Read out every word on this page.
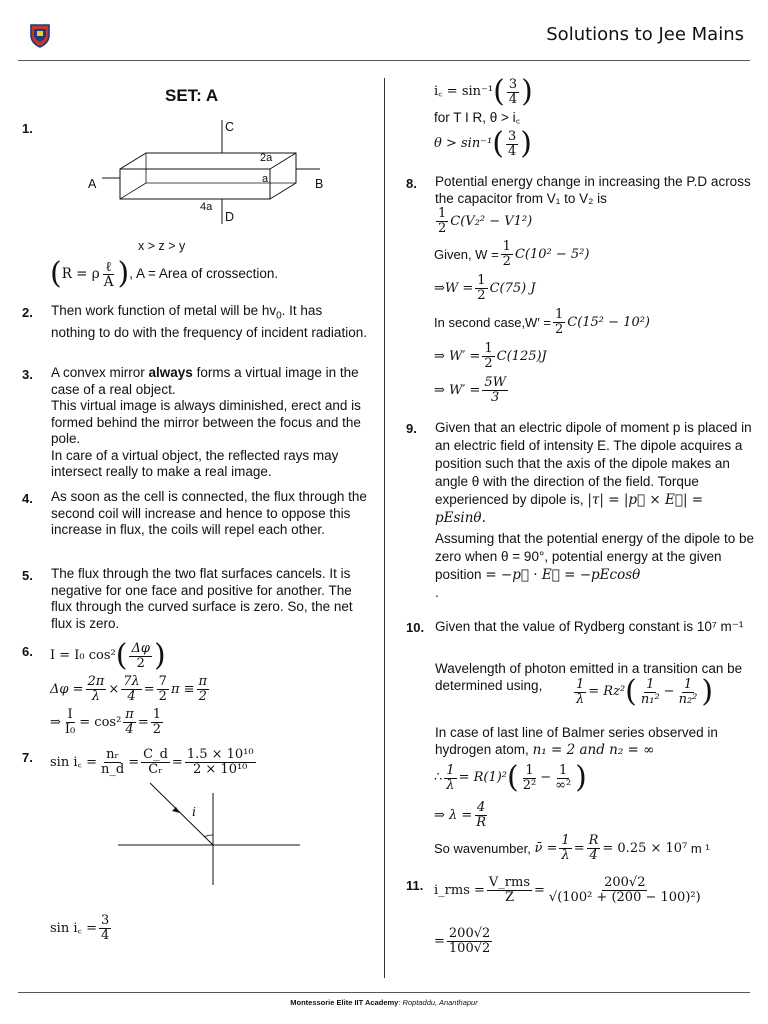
Solutions to Jee Mains
SET: A
1.	C
A	B
D
2a
a
4a
x > z > y
( R = ρ $\frac{\text{ℓ}}{A}$ ) , A = Area of crossection.
2. Then work function of metal will be $hv_0$. It has nothing to do with the frequency of incident radiation.
3. A convex mirror always forms a virtual image in the case of a real object.
This virtual image is always diminished, erect and is formed behind the mirror between the focus and the pole.
In care of a virtual object, the reflected rays may intersect really to make a real image.
4. As soon as the cell is connected, the flux through the second coil will increase and hence to oppose this increase in flux, the coils will repel each other.
5. The flux through the two flat surfaces cancels. It is negative for one face and positive for another. The flux through the curved surface is zero. So, the net flux is zero.
6. I = I₀ cos² ( $\frac{\Delta\varphi}{2}$ )
$\Delta\varphi = \frac{2\pi}{\lambda} \times \frac{7\lambda}{4} = \frac{7}{2}$ $\pi \equiv \frac{\pi}{2}$
⇒ $\frac{I}{\text{I₀}} = \cos^2 \frac{\pi}{4} = \frac{1}{2}$
7. sin i꜀ = $\frac{\text{nᵣ}}{n\_d} = \frac{C\_d}{\text{Cᵣ}} = \frac{\text{1.5 × 10¹⁰}}{\text{2 × 10¹⁰}}$
i
sin i꜀ = $\frac{3}{4}$
i꜀ = sin⁻¹ ( $\frac{3}{4}$ )
for T I R, θ > i꜀
θ > sin⁻¹ ( $\frac{3}{4}$ )
8. Potential energy change in increasing the P.D across the capacitor from V₁ to V₂ is
$\frac{1}{2} C(V_2^2 - V1^2)$
Given, $W = \frac{1}{2} C(10^2 - 5^2)$
⇒W = $\frac{1}{2} C(75)$ J
In second case,W′ = $\frac{1}{2} C(15^2 - 10^2)$
⇒ $W' = \frac{1}{2} C(125)J$
⇒ $W' = \frac{5W}{3}$
9. Given that an electric dipole of moment p is placed in an electric field of intensity E. The dipole acquires a position such that the axis of the dipole makes an angle θ with the direction of the field. Torque experienced by dipole is, |τ| = |p⃗ × E⃗| = pEsinθ.
Assuming that the potential energy of the dipole to be zero when θ = 90°, potential energy at the given position = −p⃗ · E⃗ = −pEcosθ
.
10. Given that the value of Rydberg constant is 10⁷ m⁻¹
Wavelength of photon emitted in a transition can be determined using,	$\frac{1}{\lambda} = Rz^2$ ( $\frac{1}{\text{n₁²}} - \frac{1}{\text{n₂²}}$ )
In case of last line of Balmer series observed in hydrogen atom, n₁ = 2 and n₂ = ∞
∴ $\frac{1}{\lambda} = R(1)^2$ ( $\frac{1}{\text{2²}} - \frac{1}{\text{∞²}}$ )
⇒ $\lambda = \frac{4}{R}$
So wavenumber,
ν̄ = $\frac{1}{\lambda} = \frac{R}{4} = 0.25 \times 10^7$
m ¹
11. i_rms = $\frac{\text{V\_rms}}{Z} = \frac{200√2}{\text{√(100² + (200 − 100)²)}}$
= $\frac{200√2}{100√2}$
Montessorie Elite IIT Academy: Roptaddu, Ananthapur
